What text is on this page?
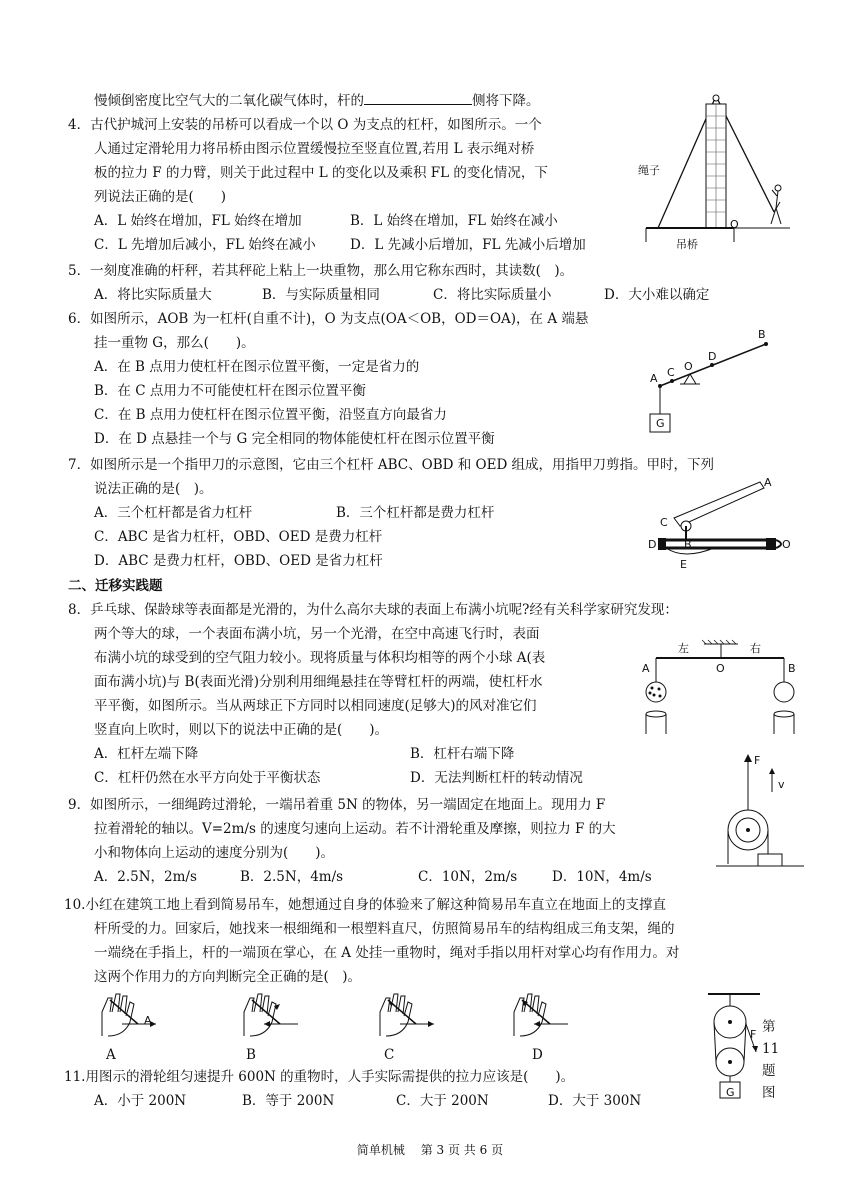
慢倾倒密度比空气大的二氧化碳气体时，杆的	侧将下降。
4．古代护城河上安装的吊桥可以看成一个以 O 为支点的杠杆，如图所示。一个
人通过定滑轮用力将吊桥由图示位置缓慢拉至竖直位置,若用 L 表示绳对桥
板的拉力 F 的力臂，则关于此过程中 L 的变化以及乘积 FL 的变化情况，下
列说法正确的是(　　)
A．L 始终在增加，FL 始终在增加	B．L 始终在增加，FL 始终在减小
C．L 先增加后减小，FL 始终在减小	D．L 先减小后增加，FL 先减小后增加
绳子
吊桥
O
5．一刻度准确的杆秤，若其秤砣上粘上一块重物，那么用它称东西时，其读数(　)。
A．将比实际质量大	B．与实际质量相同	C．将比实际质量小	D．大小难以确定
6．如图所示，AOB 为一杠杆(自重不计)，O 为支点(OA＜OB，OD＝OA)，在 A 端悬
挂一重物 G，那么(　　)。
A．在 B 点用力使杠杆在图示位置平衡，一定是省力的
B．在 C 点用力不可能使杠杆在图示位置平衡
C．在 B 点用力使杠杆在图示位置平衡，沿竖直方向最省力
D．在 D 点悬挂一个与 G 完全相同的物体能使杠杆在图示位置平衡
A C O
D
B
G
7．如图所示是一个指甲刀的示意图，它由三个杠杆 ABC、OBD 和 OED 组成，用指甲刀剪指。甲时，下列
说法正确的是(　)。
A．三个杠杆都是省力杠杆	B．三个杠杆都是费力杠杆
C．ABC 是省力杠杆，OBD、OED 是费力杠杆
D．ABC 是费力杠杆，OBD、OED 是省力杠杆
A
C
D	B	O
E
二、迁移实践题
8．乒乓球、保龄球等表面都是光滑的，为什么高尔夫球的表面上布满小坑呢?经有关科学家研究发现：
两个等大的球，一个表面布满小坑，另一个光滑，在空中高速飞行时，表面
布满小坑的球受到的空气阻力较小。现将质量与体积均相等的两个小球 A(表
面布满小坑)与 B(表面光滑)分别利用细绳悬挂在等臂杠杆的两端，使杠杆水
平平衡，如图所示。当从两球正下方同时以相同速度(足够大)的风对准它们
竖直向上吹时，则以下的说法中正确的是(　　)。
A．杠杆左端下降	B．杠杆右端下降
C．杠杆仍然在水平方向处于平衡状态	D．无法判断杠杆的转动情况
左	右
O
A	B
9．如图所示，一细绳跨过滑轮，一端吊着重 5N 的物体，另一端固定在地面上。现用力 F
拉着滑轮的轴以。V=2m/s 的速度匀速向上运动。若不计滑轮重及摩擦，则拉力 F 的大
小和物体向上运动的速度分别为(　　)。
A．2.5N，2m/s	B．2.5N，4m/s	C．10N，2m/s	D．10N，4m/s
F
v
10.小红在建筑工地上看到简易吊车，她想通过自身的体验来了解这种简易吊车直立在地面上的支撑直
杆所受的力。回家后，她找来一根细绳和一根塑料直尺，仿照简易吊车的结构组成三角支架，绳的
一端绕在手指上，杆的一端顶在掌心，在 A 处挂一重物时，绳对手指以用杆对掌心均有作用力。对
这两个作用力的方向判断完全正确的是(　)。
A
A	B	C	D
11.用图示的滑轮组匀速提升 600N 的重物时，人手实际需提供的拉力应该是(　　)。
A．小于 200N	B．等于 200N	C．大于 200N	D．大于 300N
F
G
第
11
题
图
简单机械　 第 3 页 共 6 页
